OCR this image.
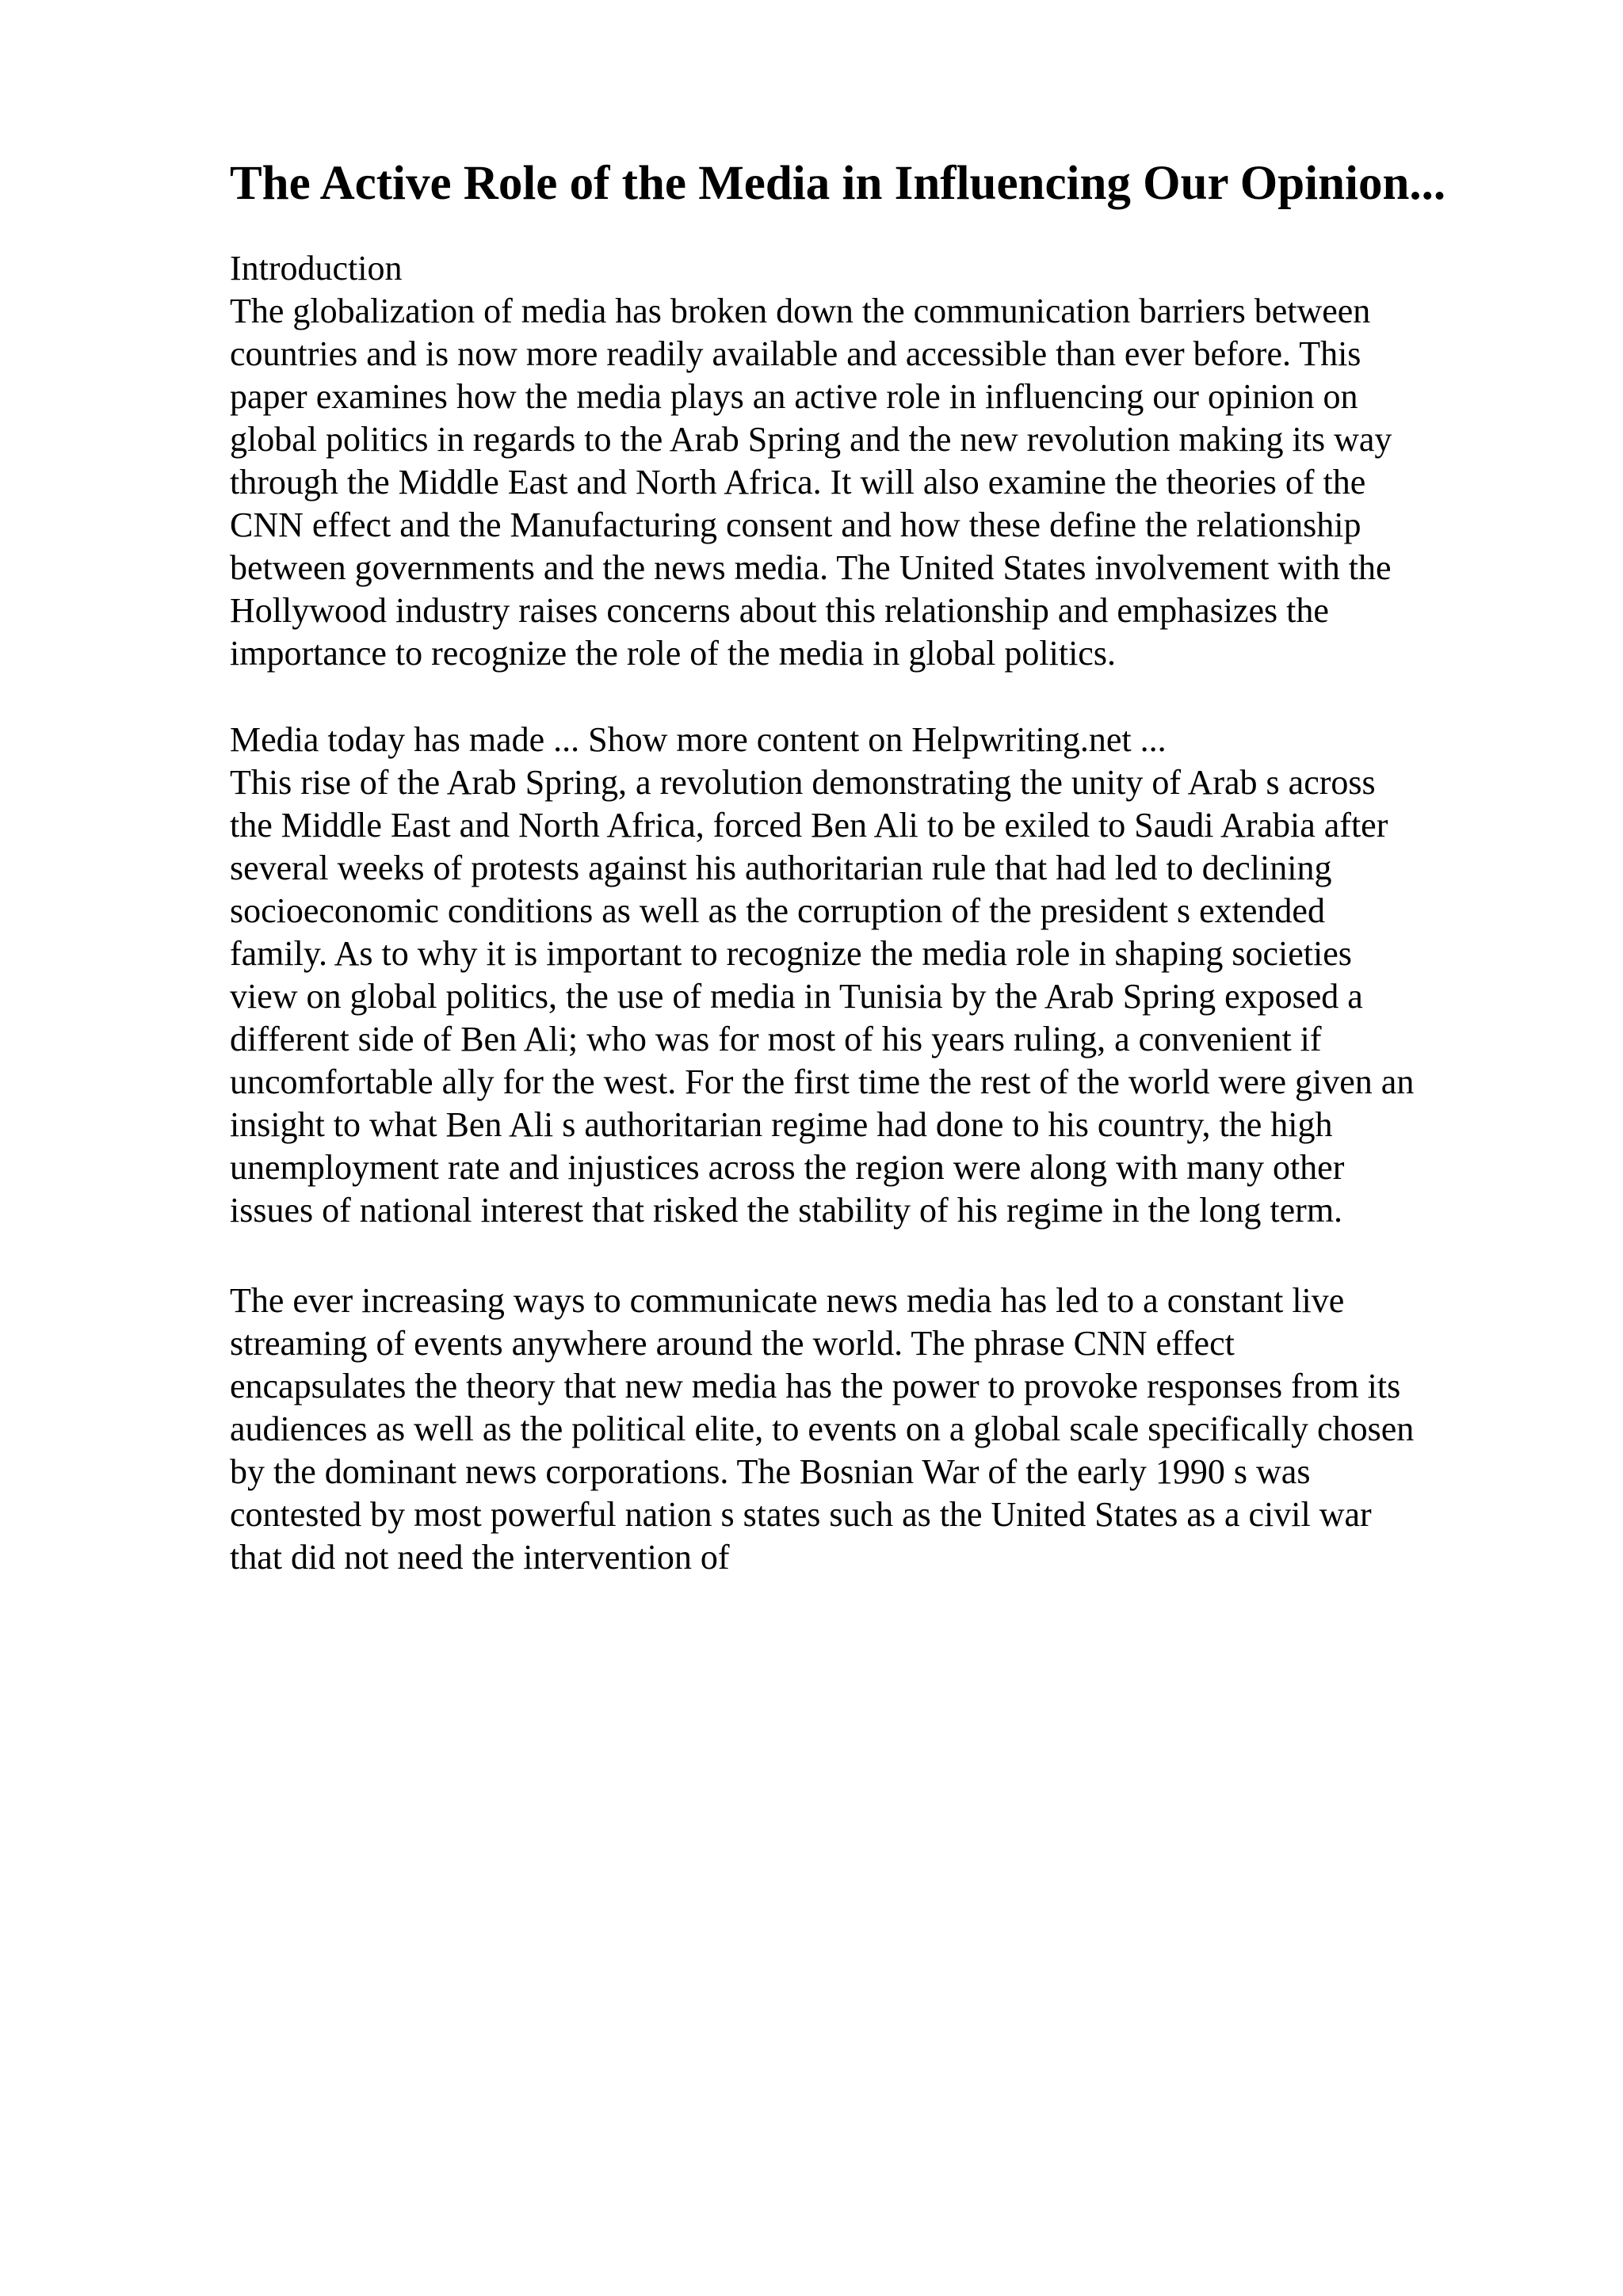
The Active Role of the Media in Influencing Our Opinion...
Introduction
The globalization of media has broken down the communication barriers between
countries and is now more readily available and accessible than ever before. This
paper examines how the media plays an active role in influencing our opinion on
global politics in regards to the Arab Spring and the new revolution making its way
through the Middle East and North Africa. It will also examine the theories of the
CNN effect and the Manufacturing consent and how these define the relationship
between governments and the news media. The United States involvement with the
Hollywood industry raises concerns about this relationship and emphasizes the
importance to recognize the role of the media in global politics.
Media today has made ... Show more content on Helpwriting.net ...
This rise of the Arab Spring, a revolution demonstrating the unity of Arab s across
the Middle East and North Africa, forced Ben Ali to be exiled to Saudi Arabia after
several weeks of protests against his authoritarian rule that had led to declining
socioeconomic conditions as well as the corruption of the president s extended
family. As to why it is important to recognize the media role in shaping societies
view on global politics, the use of media in Tunisia by the Arab Spring exposed a
different side of Ben Ali; who was for most of his years ruling, a convenient if
uncomfortable ally for the west. For the first time the rest of the world were given an
insight to what Ben Ali s authoritarian regime had done to his country, the high
unemployment rate and injustices across the region were along with many other
issues of national interest that risked the stability of his regime in the long term.
The ever increasing ways to communicate news media has led to a constant live
streaming of events anywhere around the world. The phrase CNN effect
encapsulates the theory that new media has the power to provoke responses from its
audiences as well as the political elite, to events on a global scale specifically chosen
by the dominant news corporations. The Bosnian War of the early 1990 s was
contested by most powerful nation s states such as the United States as a civil war
that did not need the intervention of
